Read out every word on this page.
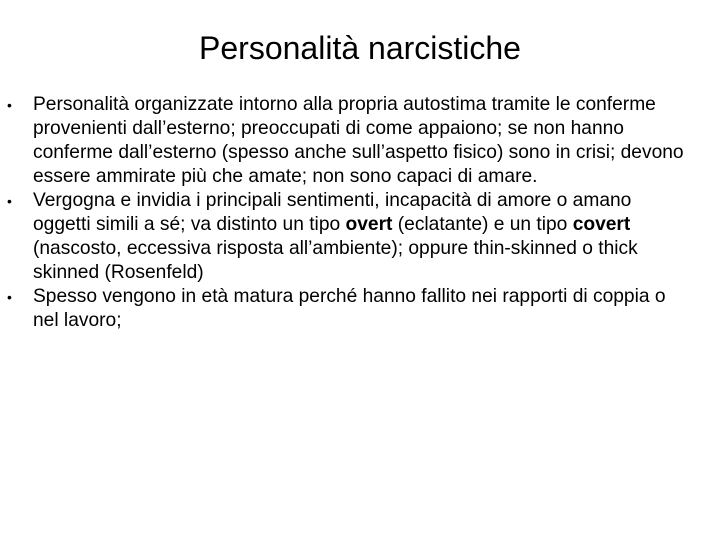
Personalità narcistiche
• Personalità organizzate intorno alla propria autostima tramite le conferme provenienti dall’esterno; preoccupati di come appaiono; se non hanno conferme dall’esterno (spesso anche sull’aspetto fisico) sono in crisi; devono essere ammirate più che amate; non sono capaci di amare.
• Vergogna e invidia i principali sentimenti, incapacità di amore o amano oggetti simili a sé; va distinto un tipo overt (eclatante) e un tipo covert (nascosto, eccessiva risposta all’ambiente); oppure thin-skinned o thick skinned (Rosenfeld)
• Spesso vengono in età matura perché hanno fallito nei rapporti di coppia o nel lavoro;
